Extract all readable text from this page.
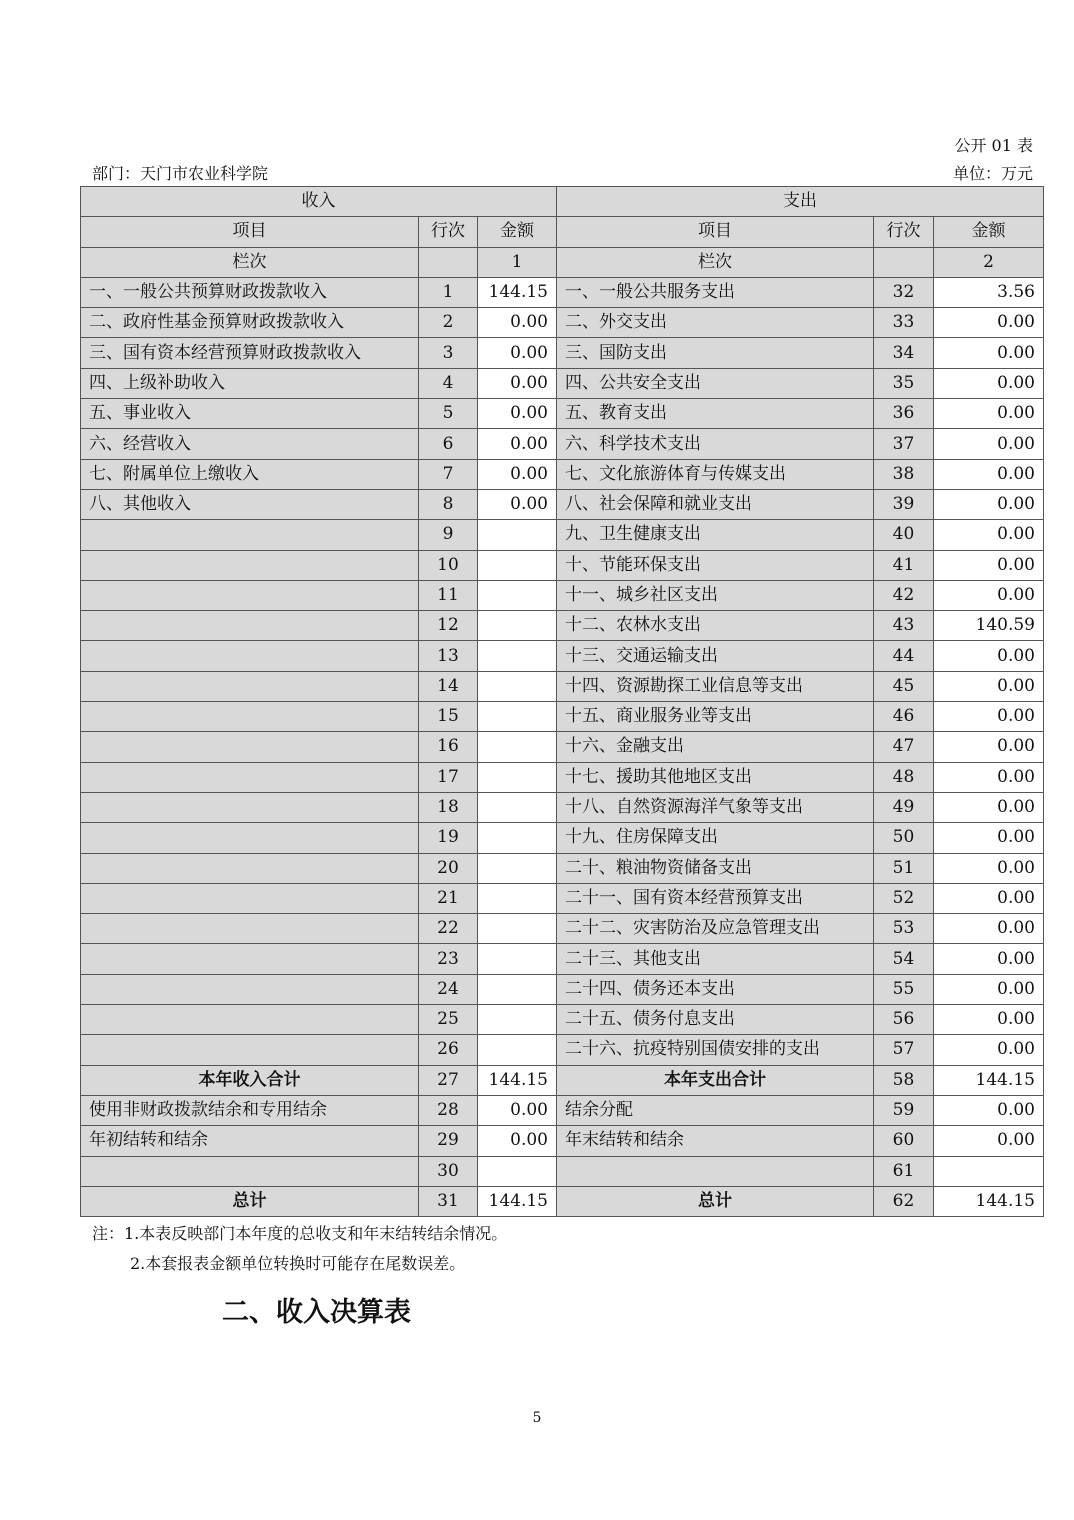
公开 01 表
部门：天门市农业科学院	单位：万元
收入			支出		
项目	行次	金额	项目	行次	金额
栏次		1	栏次		2
一、一般公共预算财政拨款收入	1	144.15	一、一般公共服务支出	32	3.56
二、政府性基金预算财政拨款收入	2	0.00	二、外交支出	33	0.00
三、国有资本经营预算财政拨款收入	3	0.00	三、国防支出	34	0.00
四、上级补助收入	4	0.00	四、公共安全支出	35	0.00
五、事业收入	5	0.00	五、教育支出	36	0.00
六、经营收入	6	0.00	六、科学技术支出	37	0.00
七、附属单位上缴收入	7	0.00	七、文化旅游体育与传媒支出	38	0.00
八、其他收入	8	0.00	八、社会保障和就业支出	39	0.00
	9		九、卫生健康支出	40	0.00
	10		十、节能环保支出	41	0.00
	11		十一、城乡社区支出	42	0.00
	12		十二、农林水支出	43	140.59
	13		十三、交通运输支出	44	0.00
	14		十四、资源勘探工业信息等支出	45	0.00
	15		十五、商业服务业等支出	46	0.00
	16		十六、金融支出	47	0.00
	17		十七、援助其他地区支出	48	0.00
	18		十八、自然资源海洋气象等支出	49	0.00
	19		十九、住房保障支出	50	0.00
	20		二十、粮油物资储备支出	51	0.00
	21		二十一、国有资本经营预算支出	52	0.00
	22		二十二、灾害防治及应急管理支出	53	0.00
	23		二十三、其他支出	54	0.00
	24		二十四、债务还本支出	55	0.00
	25		二十五、债务付息支出	56	0.00
	26		二十六、抗疫特别国债安排的支出	57	0.00
本年收入合计	27	144.15	本年支出合计	58	144.15
使用非财政拨款结余和专用结余	28	0.00	结余分配	59	0.00
年初结转和结余	29	0.00	年末结转和结余	60	0.00
	30			61	
总计	31	144.15	总计	62	144.15
注：1.本表反映部门本年度的总收支和年末结转结余情况。
2.本套报表金额单位转换时可能存在尾数误差。
二、收入决算表
5
